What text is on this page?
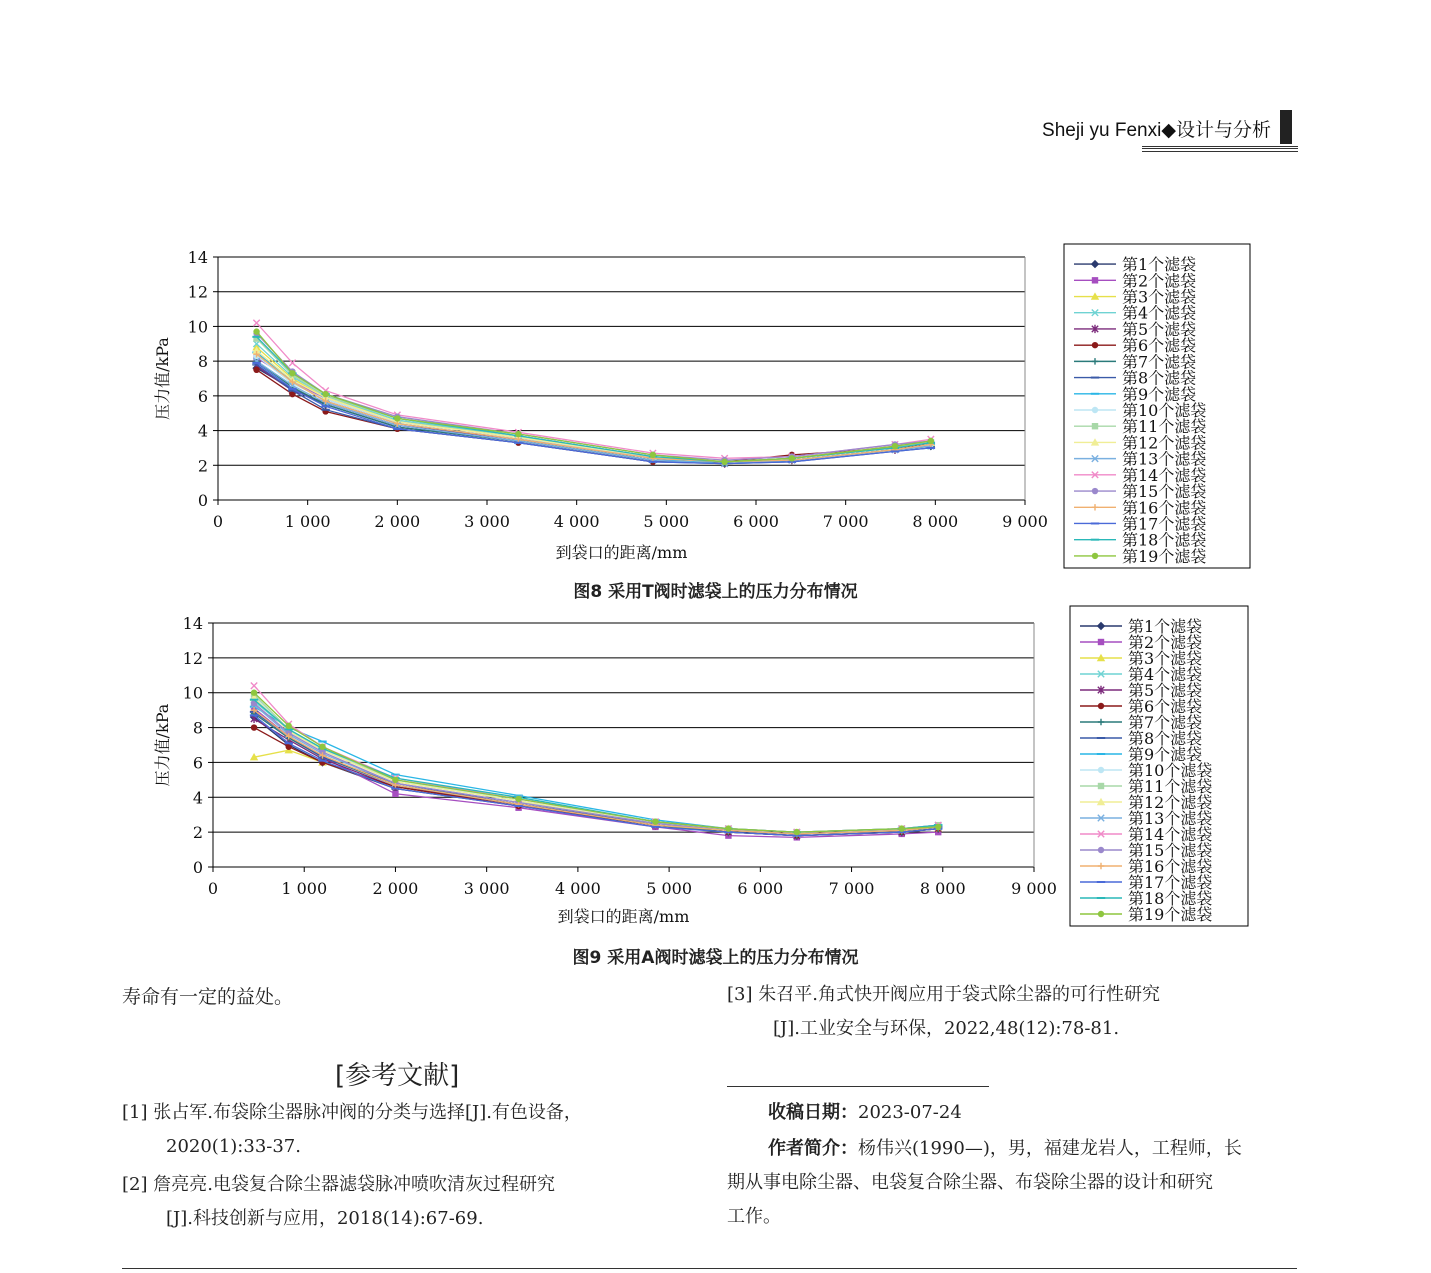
Sheji yu Fenxi◆设计与分析
0
2
4
6
8
10
12
14
0	1 000	2 000	3 000	4 000	5 000	6 000	7 000	8 000	9 000
到袋口的距离/mm
压力值/kPa
第1个滤袋
第2个滤袋
第3个滤袋
第4个滤袋
第5个滤袋
第6个滤袋
第7个滤袋
第8个滤袋
第9个滤袋
第10个滤袋
第11个滤袋
第12个滤袋
第13个滤袋
第14个滤袋
第15个滤袋
第16个滤袋
第17个滤袋
第18个滤袋
第19个滤袋
图8 采用T阀时滤袋上的压力分布情况
0
2
4
6
8
10
12
14
0	1 000	2 000	3 000	4 000	5 000	6 000	7 000	8 000	9 000
到袋口的距离/mm
压力值/kPa
第1个滤袋
第2个滤袋
第3个滤袋
第4个滤袋
第5个滤袋
第6个滤袋
第7个滤袋
第8个滤袋
第9个滤袋
第10个滤袋
第11个滤袋
第12个滤袋
第13个滤袋
第14个滤袋
第15个滤袋
第16个滤袋
第17个滤袋
第18个滤袋
第19个滤袋
图9 采用A阀时滤袋上的压力分布情况
寿命有一定的益处。
[参考文献]
[1] 张占军.布袋除尘器脉冲阀的分类与选择[J].有色设备，
2020(1):33-37.
[2] 詹亮亮.电袋复合除尘器滤袋脉冲喷吹清灰过程研究
[J].科技创新与应用，2018(14):67-69.
[3] 朱召平.角式快开阀应用于袋式除尘器的可行性研究
[J].工业安全与环保，2022,48(12):78-81.
收稿日期：2023-07-24
作者简介：杨伟兴(1990—)，男，福建龙岩人，工程师，长
期从事电除尘器、电袋复合除尘器、布袋除尘器的设计和研究
工作。
